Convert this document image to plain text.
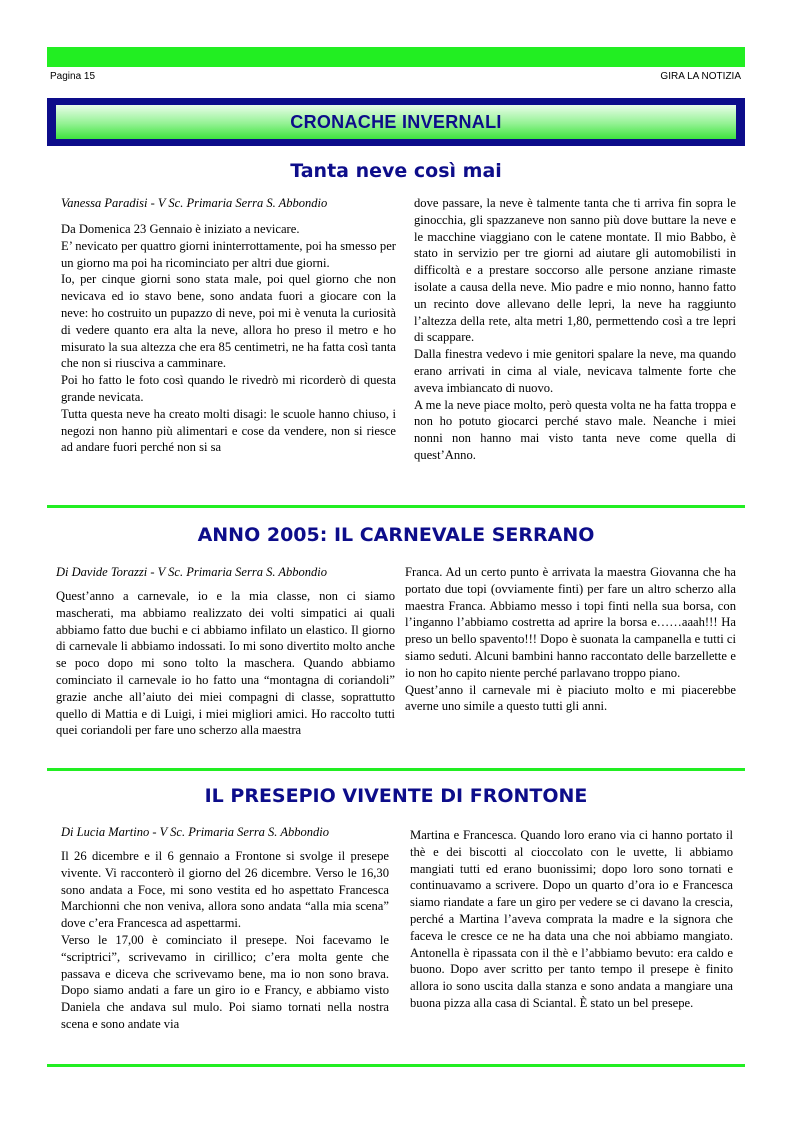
Pagina 15	GIRA LA NOTIZIA
CRONACHE INVERNALI
Tanta neve così mai
Vanessa Paradisi - V Sc. Primaria Serra S. Abbondio

Da Domenica 23 Gennaio è iniziato a nevicare.

E’ nevicato per quattro giorni ininterrottamente, poi ha smesso per un giorno ma poi ha ricominciato per altri due giorni.

Io, per cinque giorni sono stata male, poi quel giorno che non nevicava ed io stavo bene, sono andata fuori a giocare con la neve: ho costruito un pupazzo di neve, poi mi è venuta la curiosità di vedere quanto era alta la neve, allora ho preso il metro e ho misurato la sua altezza che era 85 centimetri, ne ha fatta così tanta che non si riusciva a camminare.

Poi ho fatto le foto così quando le rivedrò mi ricorderò di questa grande nevicata.

Tutta questa neve ha creato molti disagi: le scuole hanno chiuso, i negozi non hanno più alimentari e cose da vendere, non si riesce ad andare fuori perché non si sa

dove passare, la neve è talmente tanta che ti arriva fin sopra le ginocchia, gli spazzaneve non sanno più dove buttare la neve e le macchine viaggiano con le catene montate. Il mio Babbo, è stato in servizio per tre giorni ad aiutare gli automobilisti in difficoltà e a prestare soccorso alle persone anziane rimaste isolate a causa della neve. Mio padre e mio nonno, hanno fatto un recinto dove allevano delle lepri, la neve ha raggiunto l’altezza della rete, alta metri 1,80, permettendo così a tre lepri di scappare.

Dalla finestra vedevo i mie genitori spalare la neve, ma quando erano arrivati in cima al viale, nevicava talmente forte che aveva imbiancato di nuovo.

A me la neve piace molto, però questa volta ne ha fatta troppa e non ho potuto giocarci perché stavo male. Neanche i miei nonni non hanno mai visto tanta neve come quella di quest’Anno.

ANNO 2005: IL CARNEVALE SERRANO
Di Davide Torazzi - V Sc. Primaria Serra S. Abbondio

Quest’anno a carnevale, io e la mia classe, non ci siamo mascherati, ma abbiamo realizzato dei volti simpatici ai quali abbiamo fatto due buchi e ci abbiamo infilato un elastico. Il giorno di carnevale li abbiamo indossati. Io mi sono divertito molto anche se poco dopo mi sono tolto la maschera. Quando abbiamo cominciato il carnevale io ho fatto una “montagna di coriandoli” grazie anche all’aiuto dei miei compagni di classe, soprattutto quello di Mattia e di Luigi, i miei migliori amici. Ho raccolto tutti quei coriandoli per fare uno scherzo alla maestra

Franca. Ad un certo punto è arrivata la maestra Giovanna che ha portato due topi (ovviamente finti) per fare un altro scherzo alla maestra Franca. Abbiamo messo i topi finti nella sua borsa, con l’inganno l’abbiamo costretta ad aprire la borsa e……aaah!!! Ha preso un bello spavento!!! Dopo è suonata la campanella e tutti ci siamo seduti. Alcuni bambini hanno raccontato delle barzellette e io non ho capito niente perché parlavano troppo piano.

Quest’anno il carnevale mi è piaciuto molto e mi piacerebbe averne uno simile a questo tutti gli anni.

IL PRESEPIO VIVENTE DI FRONTONE
Di Lucia Martino - V Sc. Primaria Serra S. Abbondio

Il 26 dicembre e il 6 gennaio a Frontone si svolge il presepe vivente. Vi racconterò il giorno del 26 dicembre. Verso le 16,30 sono andata a Foce, mi sono vestita ed ho aspettato Francesca Marchionni che non veniva, allora sono andata “alla mia scena” dove c’era Francesca ad aspettarmi.

Verso le 17,00 è cominciato il presepe. Noi facevamo le “scriptrici”, scrivevamo in cirillico; c’era molta gente che passava e diceva che scrivevamo bene, ma io non sono brava. Dopo siamo andati a fare un giro io e Francy, e abbiamo visto Daniela che andava sul mulo. Poi siamo tornati nella nostra scena e sono andate via

Martina e Francesca. Quando loro erano via ci hanno portato il thè e dei biscotti al cioccolato con le uvette, li abbiamo mangiati tutti ed erano buonissimi; dopo loro sono tornati e continuavamo a scrivere. Dopo un quarto d’ora io e Francesca siamo riandate a fare un giro per vedere se ci davano la crescia, perché a Martina l’aveva comprata la madre e la signora che faceva le cresce ce ne ha data una che noi abbiamo mangiato. Antonella è ripassata con il thè e l’abbiamo bevuto: era caldo e buono. Dopo aver scritto per tanto tempo il presepe è finito allora io sono uscita dalla stanza e sono andata a mangiare una buona pizza alla casa di Sciantal. È stato un bel presepe.
